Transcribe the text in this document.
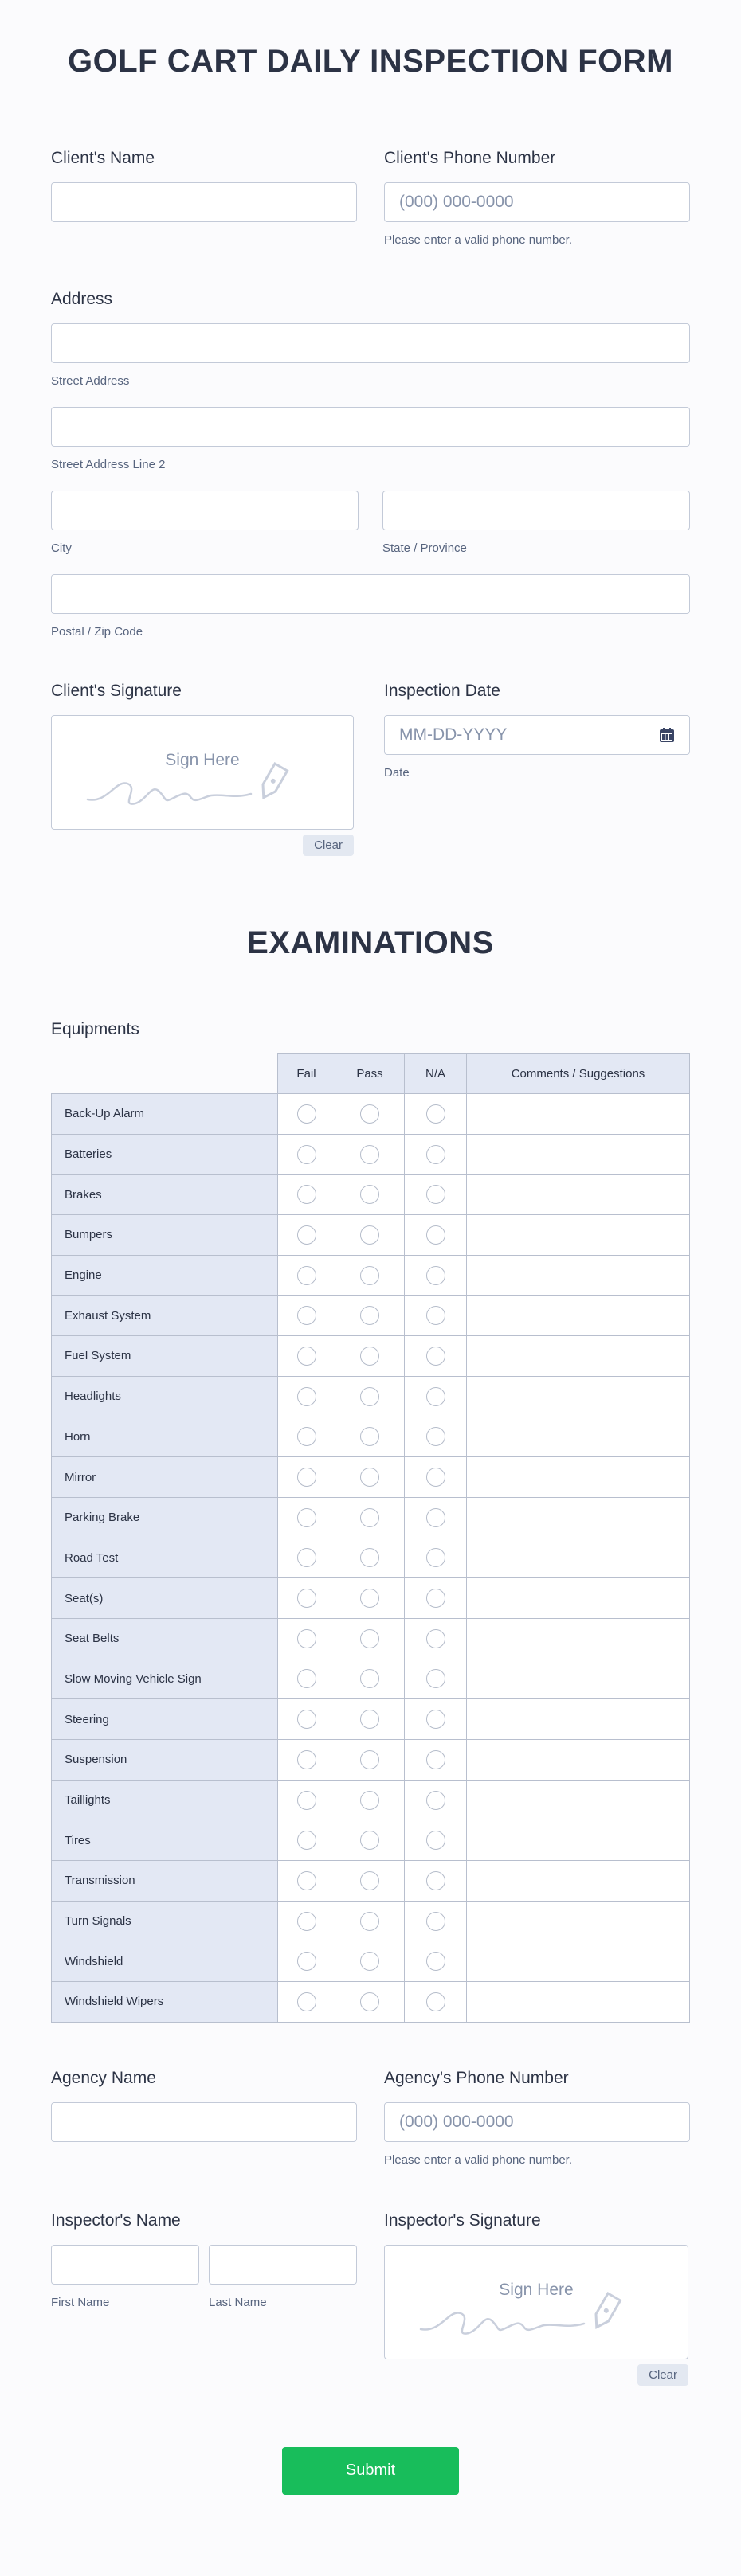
GOLF CART DAILY INSPECTION FORM
Client's Name	Client's Phone Number
(000) 000-0000
Please enter a valid phone number.
Address
Street Address
Street Address Line 2
City	State / Province
Postal / Zip Code
Client's Signature
Sign Here
Clear
Inspection Date
MM-DD-YYYY
Date
EXAMINATIONS
Equipments
	Fail	Pass	N/A	Comments / Suggestions
Back-Up Alarm				
Batteries				
Brakes				
Bumpers				
Engine				
Exhaust System				
Fuel System				
Headlights				
Horn				
Mirror				
Parking Brake				
Road Test				
Seat(s)				
Seat Belts				
Slow Moving Vehicle Sign				
Steering				
Suspension				
Taillights				
Tires				
Transmission				
Turn Signals				
Windshield				
Windshield Wipers				
Agency Name	Agency's Phone Number
(000) 000-0000
Please enter a valid phone number.
Inspector's Name
First Name	Last Name
Inspector's Signature
Sign Here
Clear
Submit
